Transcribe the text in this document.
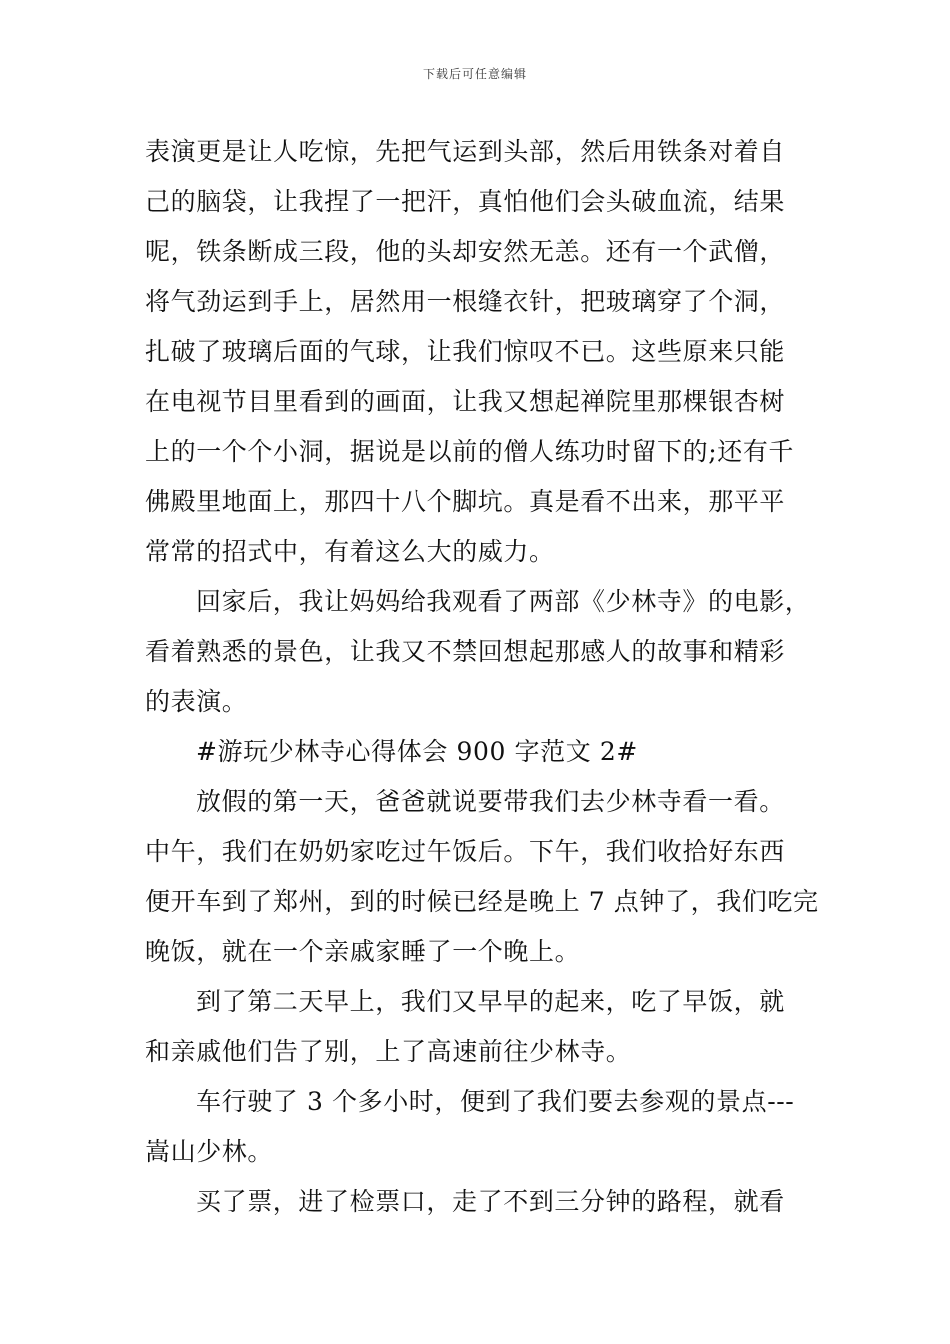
下载后可任意编辑
表演更是让人吃惊，先把气运到头部，然后用铁条对着自
己的脑袋，让我捏了一把汗，真怕他们会头破血流，结果
呢，铁条断成三段，他的头却安然无恙。还有一个武僧，
将气劲运到手上，居然用一根缝衣针，把玻璃穿了个洞，
扎破了玻璃后面的气球，让我们惊叹不已。这些原来只能
在电视节目里看到的画面，让我又想起禅院里那棵银杏树
上的一个个小洞，据说是以前的僧人练功时留下的;还有千
佛殿里地面上，那四十八个脚坑。真是看不出来，那平平
常常的招式中，有着这么大的威力。
回家后，我让妈妈给我观看了两部《少林寺》的电影，
看着熟悉的景色，让我又不禁回想起那感人的故事和精彩
的表演。
#游玩少林寺心得体会 900 字范文 2#
放假的第一天，爸爸就说要带我们去少林寺看一看。
中午，我们在奶奶家吃过午饭后。下午，我们收拾好东西
便开车到了郑州，到的时候已经是晚上 7 点钟了，我们吃完
晚饭，就在一个亲戚家睡了一个晚上。
到了第二天早上，我们又早早的起来，吃了早饭，就
和亲戚他们告了别，上了高速前往少林寺。
车行驶了 3 个多小时，便到了我们要去参观的景点---
嵩山少林。
买了票，进了检票口，走了不到三分钟的路程，就看
